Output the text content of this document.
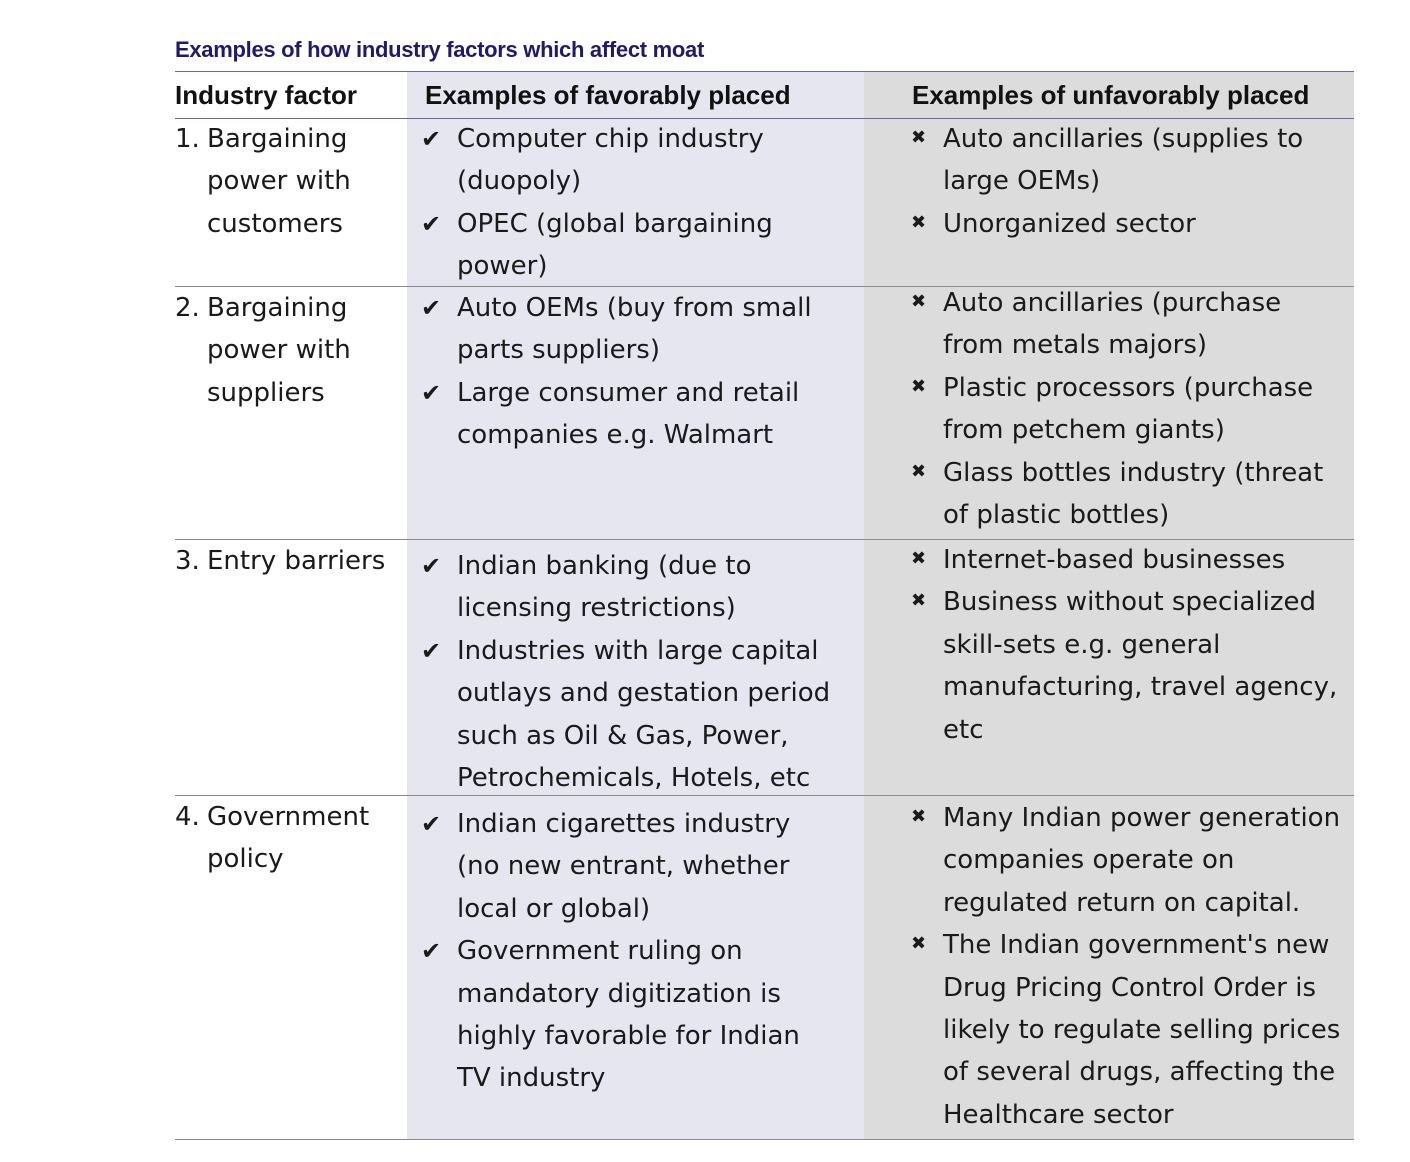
Examples of how industry factors which affect moat
Industry factor	Examples of favorably placed	Examples of unfavorably placed
1. Bargaining
power with
customers
✔ Computer chip industry
(duopoly)
✔ OPEC (global bargaining
power)
✖ Auto ancillaries (supplies to
large OEMs)
✖ Unorganized sector
2. Bargaining
power with
suppliers
✔ Auto OEMs (buy from small
parts suppliers)
✔ Large consumer and retail
companies e.g. Walmart
✖ Auto ancillaries (purchase
from metals majors)
✖ Plastic processors (purchase
from petchem giants)
✖ Glass bottles industry (threat
of plastic bottles)
3. Entry barriers ✔ Indian banking (due to
licensing restrictions)
✔ Industries with large capital
outlays and gestation period
such as Oil & Gas, Power,
Petrochemicals, Hotels, etc
✖ Internet-based businesses
✖ Business without specialized
skill-sets e.g. general
manufacturing, travel agency,
etc
4. Government
policy
✔ Indian cigarettes industry
(no new entrant, whether
local or global)
✔ Government ruling on
mandatory digitization is
highly favorable for Indian
TV industry
✖ Many Indian power generation
companies operate on
regulated return on capital.
✖ The Indian government's new
Drug Pricing Control Order is
likely to regulate selling prices
of several drugs, affecting the
Healthcare sector
